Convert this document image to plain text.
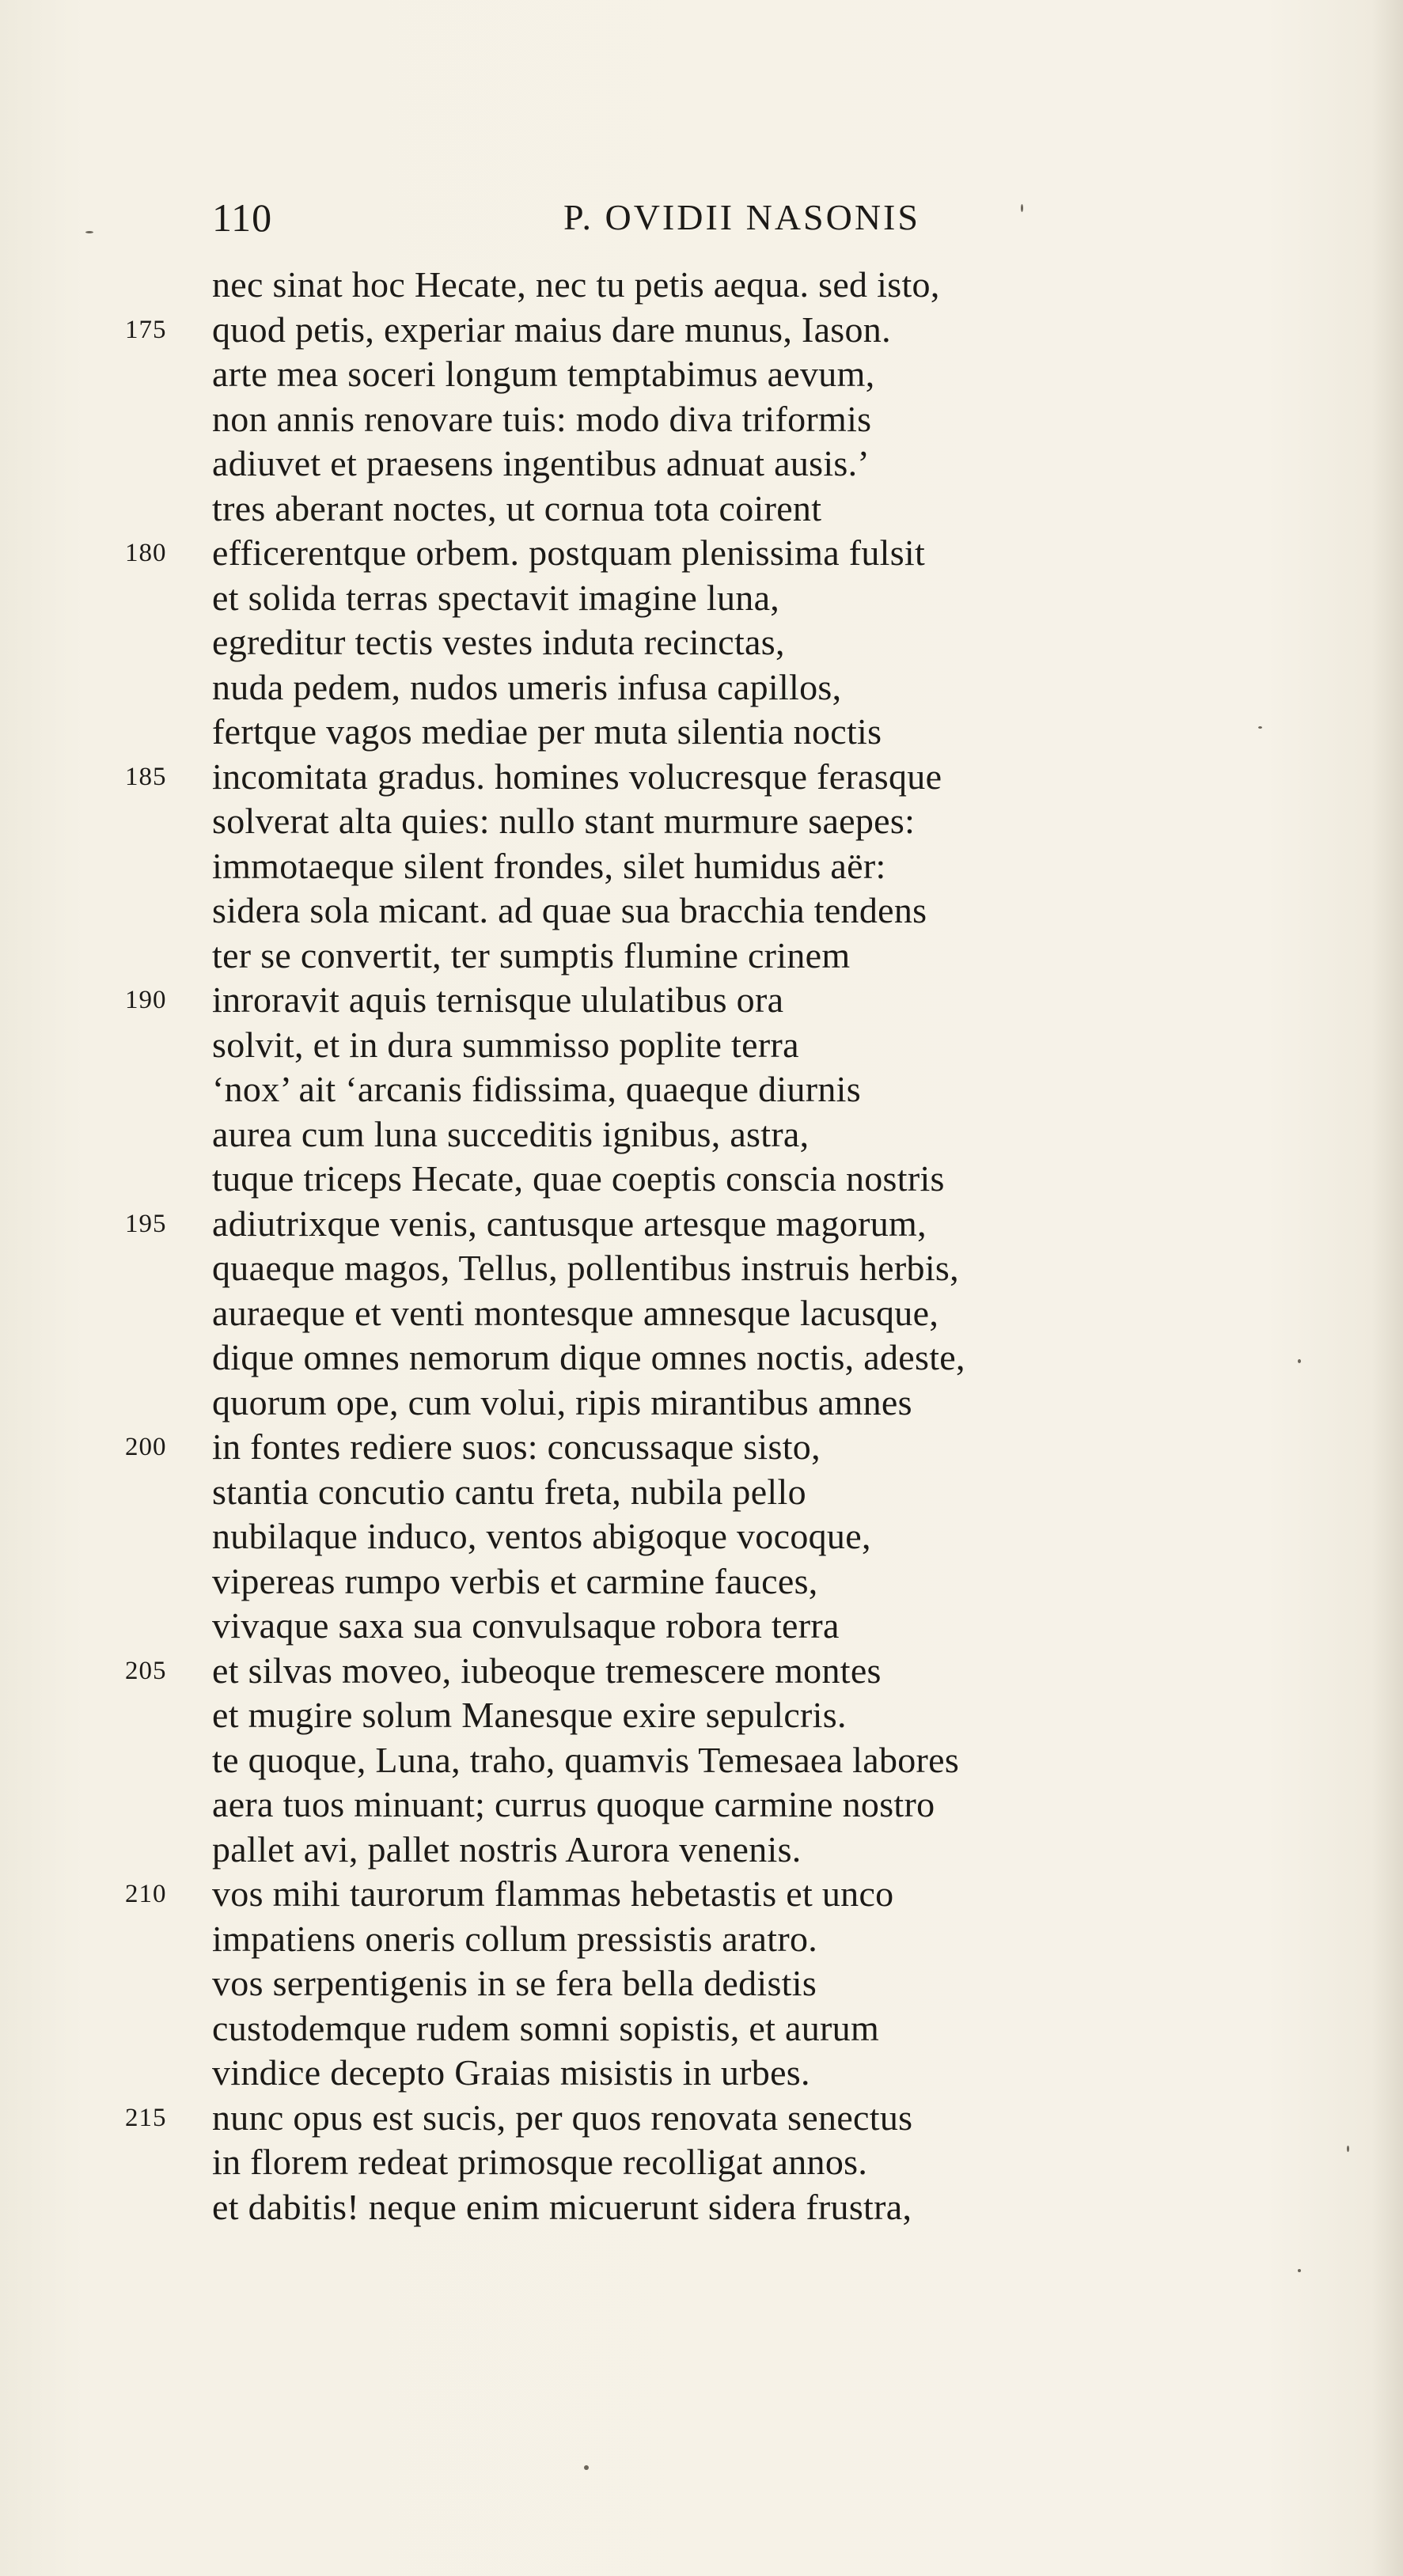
110	P. OVIDII NASONIS
nec sinat hoc Hecate, nec tu petis aequa. sed isto,
175	quod petis, experiar maius dare munus, Iason.
arte mea soceri longum temptabimus aevum,
non annis renovare tuis: modo diva triformis
adiuvet et praesens ingentibus adnuat ausis.’
tres aberant noctes, ut cornua tota coirent
180	efficerentque orbem. postquam plenissima fulsit
et solida terras spectavit imagine luna,
egreditur tectis vestes induta recinctas,
nuda pedem, nudos umeris infusa capillos,
fertque vagos mediae per muta silentia noctis
185	incomitata gradus. homines volucresque ferasque
solverat alta quies: nullo stant murmure saepes:
immotaeque silent frondes, silet humidus aër:
sidera sola micant. ad quae sua bracchia tendens
ter se convertit, ter sumptis flumine crinem
190	inroravit aquis ternisque ululatibus ora
solvit, et in dura summisso poplite terra
‘nox’ ait ‘arcanis fidissima, quaeque diurnis
aurea cum luna succeditis ignibus, astra,
tuque triceps Hecate, quae coeptis conscia nostris
195	adiutrixque venis, cantusque artesque magorum,
quaeque magos, Tellus, pollentibus instruis herbis,
auraeque et venti montesque amnesque lacusque,
dique omnes nemorum dique omnes noctis, adeste,
quorum ope, cum volui, ripis mirantibus amnes
200	in fontes rediere suos: concussaque sisto,
stantia concutio cantu freta, nubila pello
nubilaque induco, ventos abigoque vocoque,
vipereas rumpo verbis et carmine fauces,
vivaque saxa sua convulsaque robora terra
205	et silvas moveo, iubeoque tremescere montes
et mugire solum Manesque exire sepulcris.
te quoque, Luna, traho, quamvis Temesaea labores
aera tuos minuant; currus quoque carmine nostro
pallet avi, pallet nostris Aurora venenis.
210	vos mihi taurorum flammas hebetastis et unco
impatiens oneris collum pressistis aratro.
vos serpentigenis in se fera bella dedistis
custodemque rudem somni sopistis, et aurum
vindice decepto Graias misistis in urbes.
215	nunc opus est sucis, per quos renovata senectus
in florem redeat primosque recolligat annos.
et dabitis! neque enim micuerunt sidera frustra,
